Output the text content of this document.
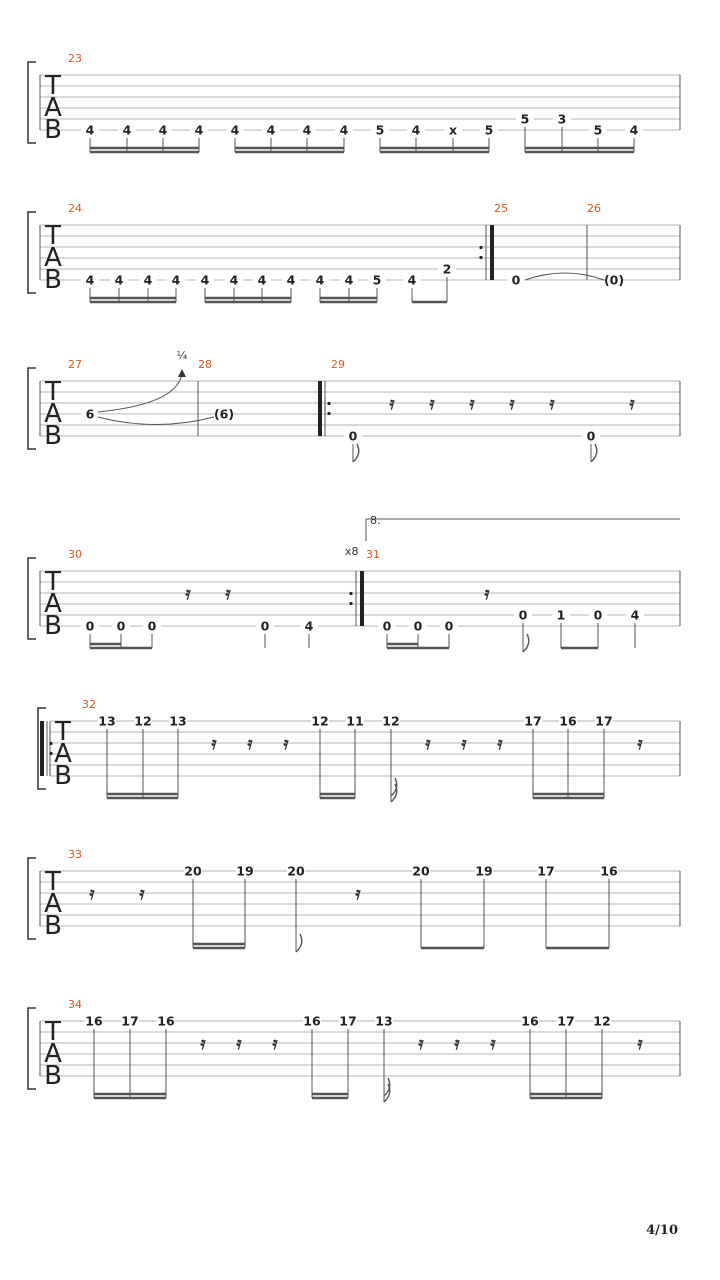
T
A
B
23
4 4 4 4 4 4 4 4 5 4 x 5
5 3
5 4
T
A
B
24	25	26
4 4 4 4 4 4 4 4 4 4 5 4
2
0	(0)
T
A
B
27	28	29
𝄿 𝄿 𝄿 𝄿 𝄿	𝄿
6	(6)
0	0
¼
T
A
B
30	31
𝄿 𝄿	𝄿
0 0 0	0	4	0 0 0
0 1 0 4
8.
x8
T
A
B
32
𝄿 𝄿 𝄿	𝄿 𝄿 𝄿	𝄿
13 12 13	12 11 12	17 16 17
T
A
B
33
𝄿	𝄿	𝄿
20	19	20	20	19	17	16
T
A
B
34
𝄿 𝄿 𝄿	𝄿 𝄿 𝄿	𝄿
16 17 16	16 17 13	16 17 12
4/10
